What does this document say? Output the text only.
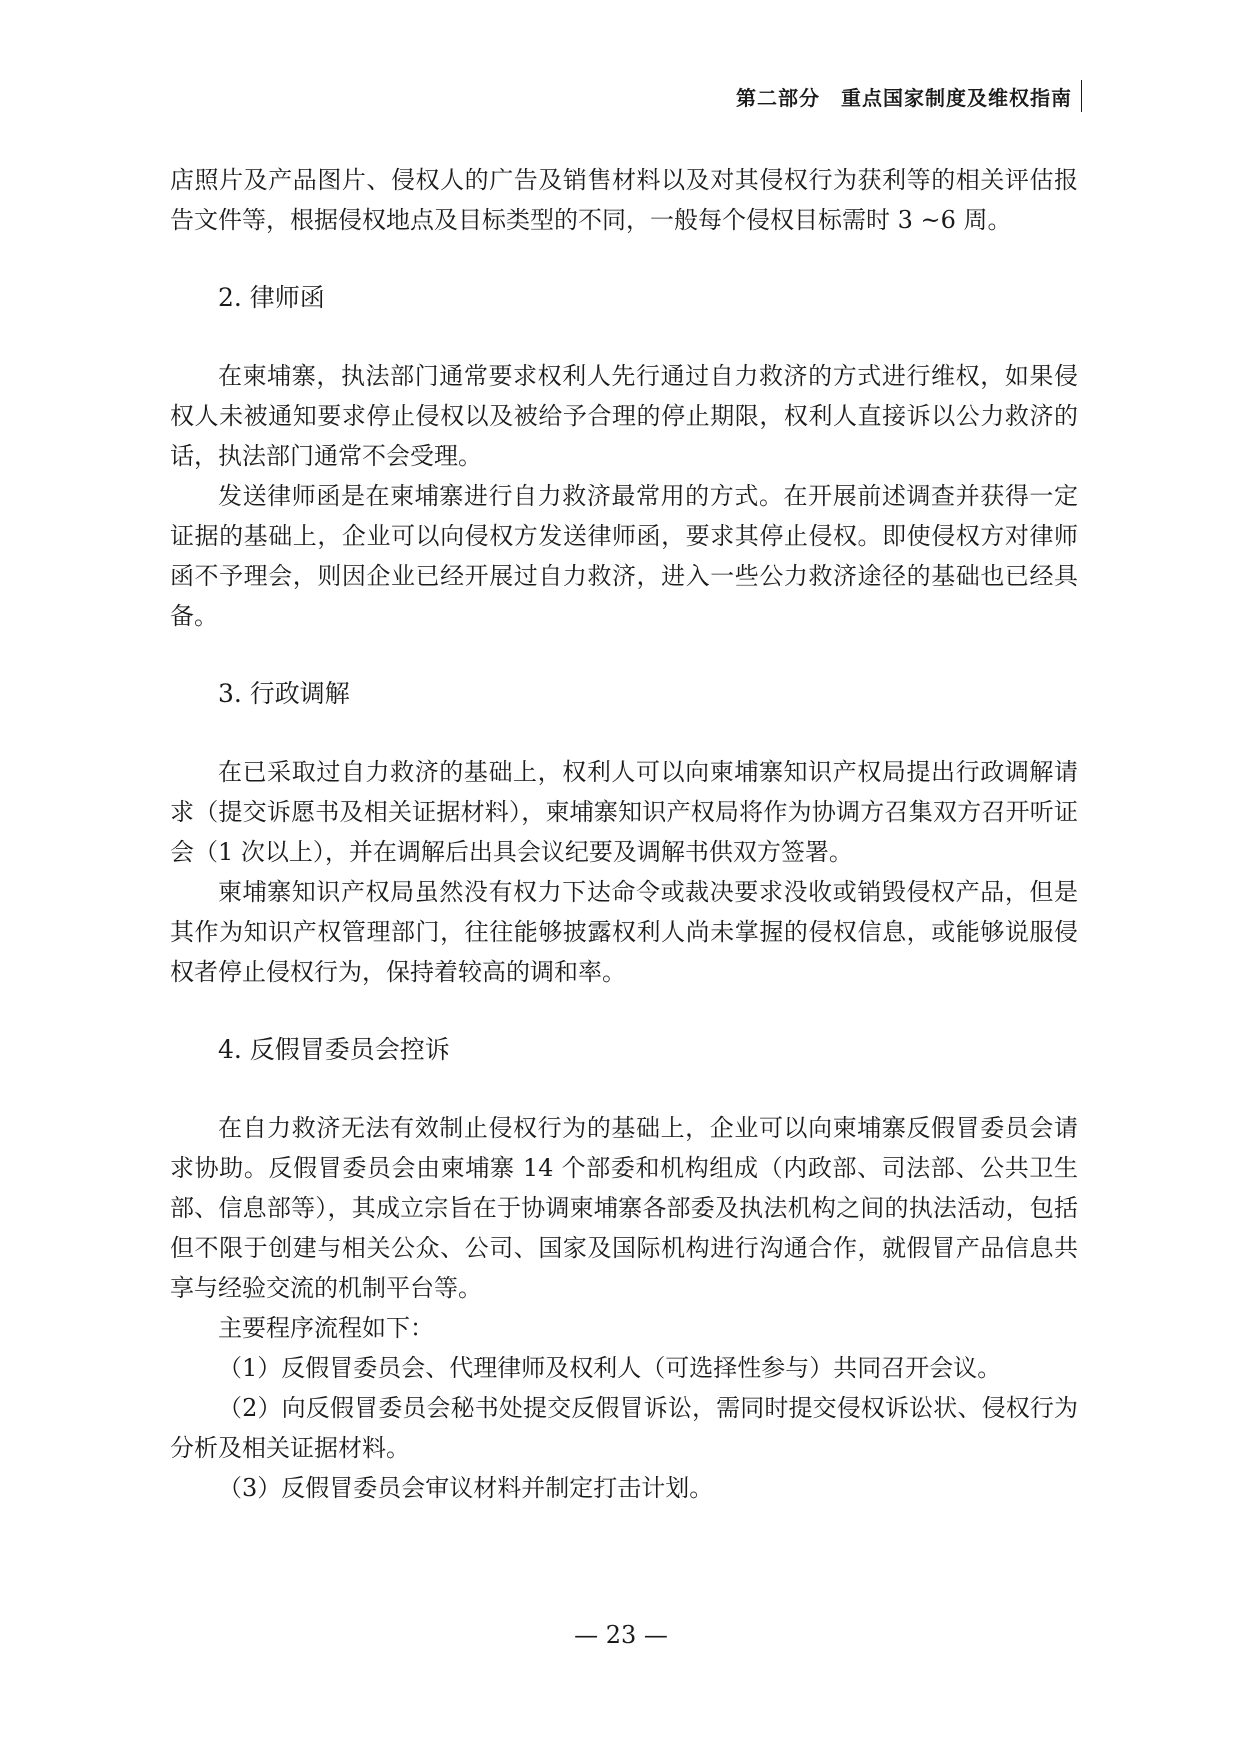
第二部分　重点国家制度及维权指南

店照片及产品图片、侵权人的广告及销售材料以及对其侵权行为获利等的相关评估报告文件等，根据侵权地点及目标类型的不同，一般每个侵权目标需时 3 ~6 周。

2. 律师函

在柬埔寨，执法部门通常要求权利人先行通过自力救济的方式进行维权，如果侵权人未被通知要求停止侵权以及被给予合理的停止期限，权利人直接诉以公力救济的话，执法部门通常不会受理。

发送律师函是在柬埔寨进行自力救济最常用的方式。在开展前述调查并获得一定证据的基础上，企业可以向侵权方发送律师函，要求其停止侵权。即使侵权方对律师函不予理会，则因企业已经开展过自力救济，进入一些公力救济途径的基础也已经具备。

3. 行政调解

在已采取过自力救济的基础上，权利人可以向柬埔寨知识产权局提出行政调解请求（提交诉愿书及相关证据材料），柬埔寨知识产权局将作为协调方召集双方召开听证会（1 次以上），并在调解后出具会议纪要及调解书供双方签署。

柬埔寨知识产权局虽然没有权力下达命令或裁决要求没收或销毁侵权产品，但是其作为知识产权管理部门，往往能够披露权利人尚未掌握的侵权信息，或能够说服侵权者停止侵权行为，保持着较高的调和率。

4. 反假冒委员会控诉

在自力救济无法有效制止侵权行为的基础上，企业可以向柬埔寨反假冒委员会请求协助。反假冒委员会由柬埔寨 14 个部委和机构组成（内政部、司法部、公共卫生部、信息部等），其成立宗旨在于协调柬埔寨各部委及执法机构之间的执法活动，包括但不限于创建与相关公众、公司、国家及国际机构进行沟通合作，就假冒产品信息共享与经验交流的机制平台等。

主要程序流程如下：

（1）反假冒委员会、代理律师及权利人（可选择性参与）共同召开会议。

（2）向反假冒委员会秘书处提交反假冒诉讼，需同时提交侵权诉讼状、侵权行为分析及相关证据材料。

（3）反假冒委员会审议材料并制定打击计划。

— 23 —
